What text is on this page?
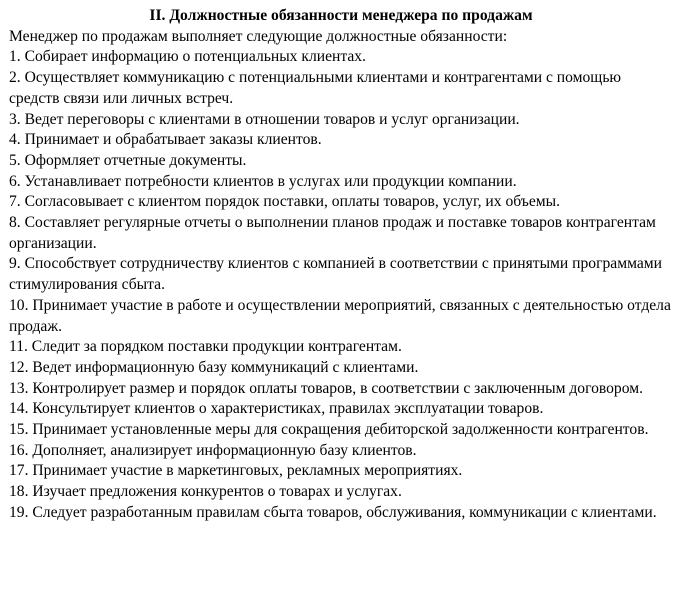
II. Должностные обязанности менеджера по продажам

Менеджер по продажам выполняет следующие должностные обязанности:

1. Собирает информацию о потенциальных клиентах.
2. Осуществляет коммуникацию с потенциальными клиентами и контрагентами с помощью средств связи или личных встреч.
3. Ведет переговоры с клиентами в отношении товаров и услуг организации.
4. Принимает и обрабатывает заказы клиентов.
5. Оформляет отчетные документы.
6. Устанавливает потребности клиентов в услугах или продукции компании.
7. Согласовывает с клиентом порядок поставки, оплаты товаров, услуг, их объемы.
8. Составляет регулярные отчеты о выполнении планов продаж и поставке товаров контрагентам организации.
9. Способствует сотрудничеству клиентов с компанией в соответствии с принятыми программами стимулирования сбыта.
10. Принимает участие в работе и осуществлении мероприятий, связанных с деятельностью отдела продаж.
11. Следит за порядком поставки продукции контрагентам.
12. Ведет информационную базу коммуникаций с клиентами.
13. Контролирует размер и порядок оплаты товаров, в соответствии с заключенным договором.
14. Консультирует клиентов о характеристиках, правилах эксплуатации товаров.
15. Принимает установленные меры для сокращения дебиторской задолженности контрагентов.
16. Дополняет, анализирует информационную базу клиентов.
17. Принимает участие в маркетинговых, рекламных мероприятиях.
18. Изучает предложения конкурентов о товарах и услугах.
19. Следует разработанным правилам сбыта товаров, обслуживания, коммуникации с клиентами.
